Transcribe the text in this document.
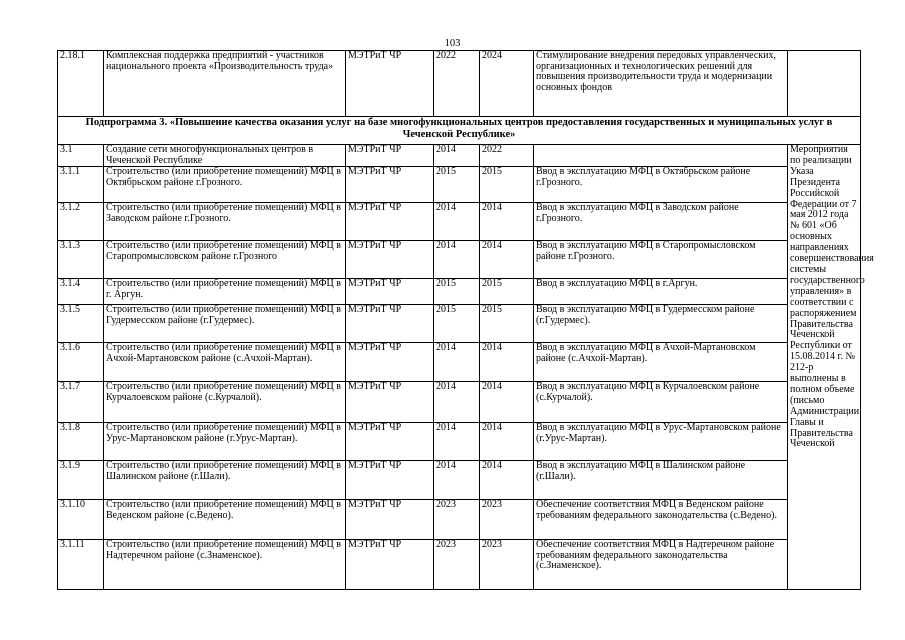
103
2.18.1	Комплексная поддержка предприятий - участников национального проекта «Производительность труда»	МЭТРиТ ЧР	2022	2024	Стимулирование внедрения передовых управленческих, организационных и технологических решений для повышения производительности труда и модернизации основных фондов	
Подпрограмма 3. «Повышение качества оказания услуг на базе многофункциональных центров предоставления государственных и муниципальных услуг в Чеченской Республике»						
3.1	Создание сети многофункциональных центров в Чеченской Республике	МЭТРиТ ЧР	2014	2022		Мероприятия по реализации Указа Президента Российской Федерации от 7 мая 2012 года № 601 «Об основных направлениях совершенствования системы государственного управления» в соответствии с распоряжением Правительства Чеченской Республики от 15.08.2014 г. № 212-р выполнены в полном объеме (письмо Администрации Главы и Правительства Чеченской
3.1.1	Строительство (или приобретение помещений) МФЦ в Октябрьском районе г.Грозного.	МЭТРиТ ЧР	2015	2015	Ввод в эксплуатацию МФЦ в Октябрьском районе г.Грозного.	
3.1.2	Строительство (или приобретение помещений) МФЦ в Заводском районе г.Грозного.	МЭТРиТ ЧР	2014	2014	Ввод в эксплуатацию МФЦ в Заводском районе г.Грозного.	
3.1.3	Строительство (или приобретение помещений) МФЦ в Старопромысловском районе г.Грозного	МЭТРиТ ЧР	2014	2014	Ввод в эксплуатацию МФЦ в Старопромысловском районе г.Грозного.	
3.1.4	Строительство (или приобретение помещений) МФЦ в г. Аргун.	МЭТРиТ ЧР	2015	2015	Ввод в эксплуатацию МФЦ в г.Аргун.	
3.1.5	Строительство (или приобретение помещений) МФЦ в Гудермесском районе (г.Гудермес).	МЭТРиТ ЧР	2015	2015	Ввод в эксплуатацию МФЦ в Гудермесском районе (г.Гудермес).	
3.1.6	Строительство (или приобретение помещений) МФЦ в Ачхой-Мартановском районе (с.Ачхой-Мартан).	МЭТРиТ ЧР	2014	2014	Ввод в эксплуатацию МФЦ в Ачхой-Мартановском районе (с.Ачхой-Мартан).	
3.1.7	Строительство (или приобретение помещений) МФЦ в Курчалоевском районе (с.Курчалой).	МЭТРиТ ЧР	2014	2014	Ввод в эксплуатацию МФЦ в Курчалоевском районе (с.Курчалой).	
3.1.8	Строительство (или приобретение помещений) МФЦ в Урус-Мартановском районе (г.Урус-Мартан).	МЭТРиТ ЧР	2014	2014	Ввод в эксплуатацию МФЦ в Урус-Мартановском районе (г.Урус-Мартан).	
3.1.9	Строительство (или приобретение помещений) МФЦ в Шалинском районе (г.Шали).	МЭТРиТ ЧР	2014	2014	Ввод в эксплуатацию МФЦ в Шалинском районе (г.Шали).	
3.1.10	Строительство (или приобретение помещений) МФЦ в Веденском районе (с.Ведено).	МЭТРиТ ЧР	2023	2023	Обеспечение соответствия МФЦ в Веденском районе требованиям федерального законодательства (с.Ведено).	
3.1.11	Строительство (или приобретение помещений) МФЦ в Надтеречном районе (с.Знаменское).	МЭТРиТ ЧР	2023	2023	Обеспечение соответствия МФЦ в Надтеречном районе требованиям федерального законодательства (с.Знаменское).	
